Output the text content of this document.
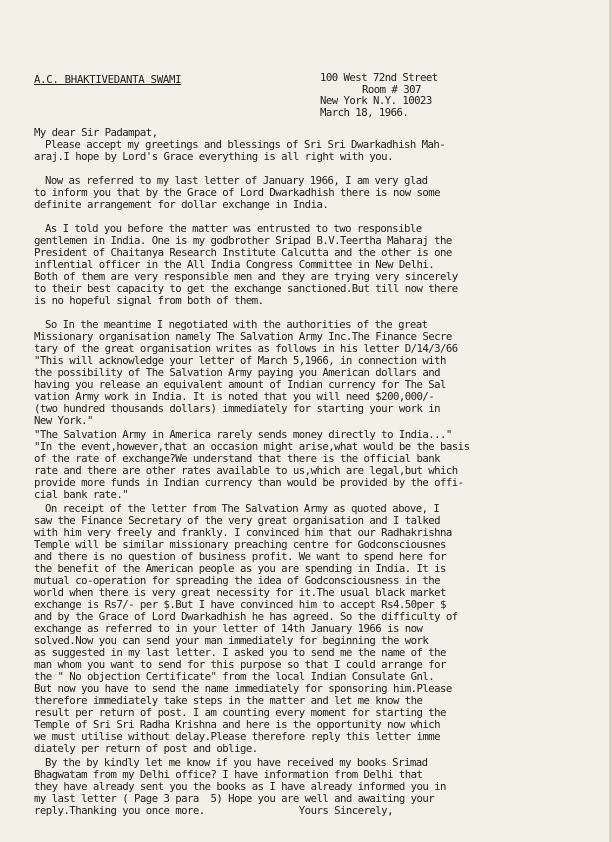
A.C. BHAKTIVEDANTA SWAMI	100 West 72nd Street
Room # 307
New York N.Y. 10023
March 18, 1966.
My dear Sir Padampat,
Please accept my greetings and blessings of Sri Sri Dwarkadhish Mah-
araj.I hope by Lord's Grace everything is all right with you.
Now as referred to my last letter of January 1966, I am very glad
to inform you that by the Grace of Lord Dwarkadhish there is now some
definite arrangement for dollar exchange in India.
As I told you before the matter was entrusted to two responsible
gentlemen in India. One is my godbrother Sripad B.V.Teertha Maharaj the
President of Chaitanya Research Institute Calcutta and the other is one
inflential officer in the All India Congress Committee in New Delhi.
Both of them are very responsible men and they are trying very sincerely
to their best capacity to get the exchange sanctioned.But till now there
is no hopeful signal from both of them.
So In the meantime I negotiated with the authorities of the great
Missionary organisation namely The Salvation Army Inc.The Finance Secre
tary of the great organisation writes as follows in his letter D/14/3/66
"This will acknowledge your letter of March 5,1966, in connection with
the possibility of The Salvation Army paying you American dollars and
having you release an equivalent amount of Indian currency for The Sal
vation Army work in India. It is noted that you will need $200,000/-
(two hundred thousands dollars) immediately for starting your work in
New York."
"The Salvation Army in America rarely sends money directly to India..."
"In the event,however,that an occasion might arise,what would be the basis
of the rate of exchange?We understand that there is the official bank
rate and there are other rates available to us,which are legal,but which
provide more funds in Indian currency than would be provided by the offi-
cial bank rate."
On receipt of the letter from The Salvation Army as quoted above, I
saw the Finance Secretary of the very great organisation and I talked
with him very freely and frankly. I convinced him that our Radhakrishna
Temple will be similar missionary preaching centre for Godconsciousnes
and there is no question of business profit. We want to spend here for
the benefit of the American people as you are spending in India. It is
mutual co-operation for spreading the idea of Godconsciousness in the
world when there is very great necessity for it.The usual black market
exchange is Rs7/- per $.But I have convinced him to accept Rs4.50per $
and by the Grace of Lord Dwarkadhish he has agreed. So the difficulty of
exchange as referred to in your letter of 14th January 1966 is now
solved.Now you can send your man immediately for beginning the work
as suggested in my last letter. I asked you to send me the name of the
man whom you want to send for this purpose so that I could arrange for
the " No objection Certificate" from the local Indian Consulate Gnl.
But now you have to send the name immediately for sponsoring him.Please
therefore immediately take steps in the matter and let me know the
result per return of post. I am counting every moment for starting the
Temple of Sri Sri Radha Krishna and here is the opportunity now which
we must utilise without delay.Please therefore reply this letter imme
diately per return of post and oblige.
By the by kindly let me know if you have received my books Srimad
Bhagwatam from my Delhi office? I have information from Delhi that
they have already sent you the books as I have already informed you in
my last letter ( Page 3 para  5) Hope you are well and awaiting your
reply.Thanking you once more.                Yours Sincerely,
